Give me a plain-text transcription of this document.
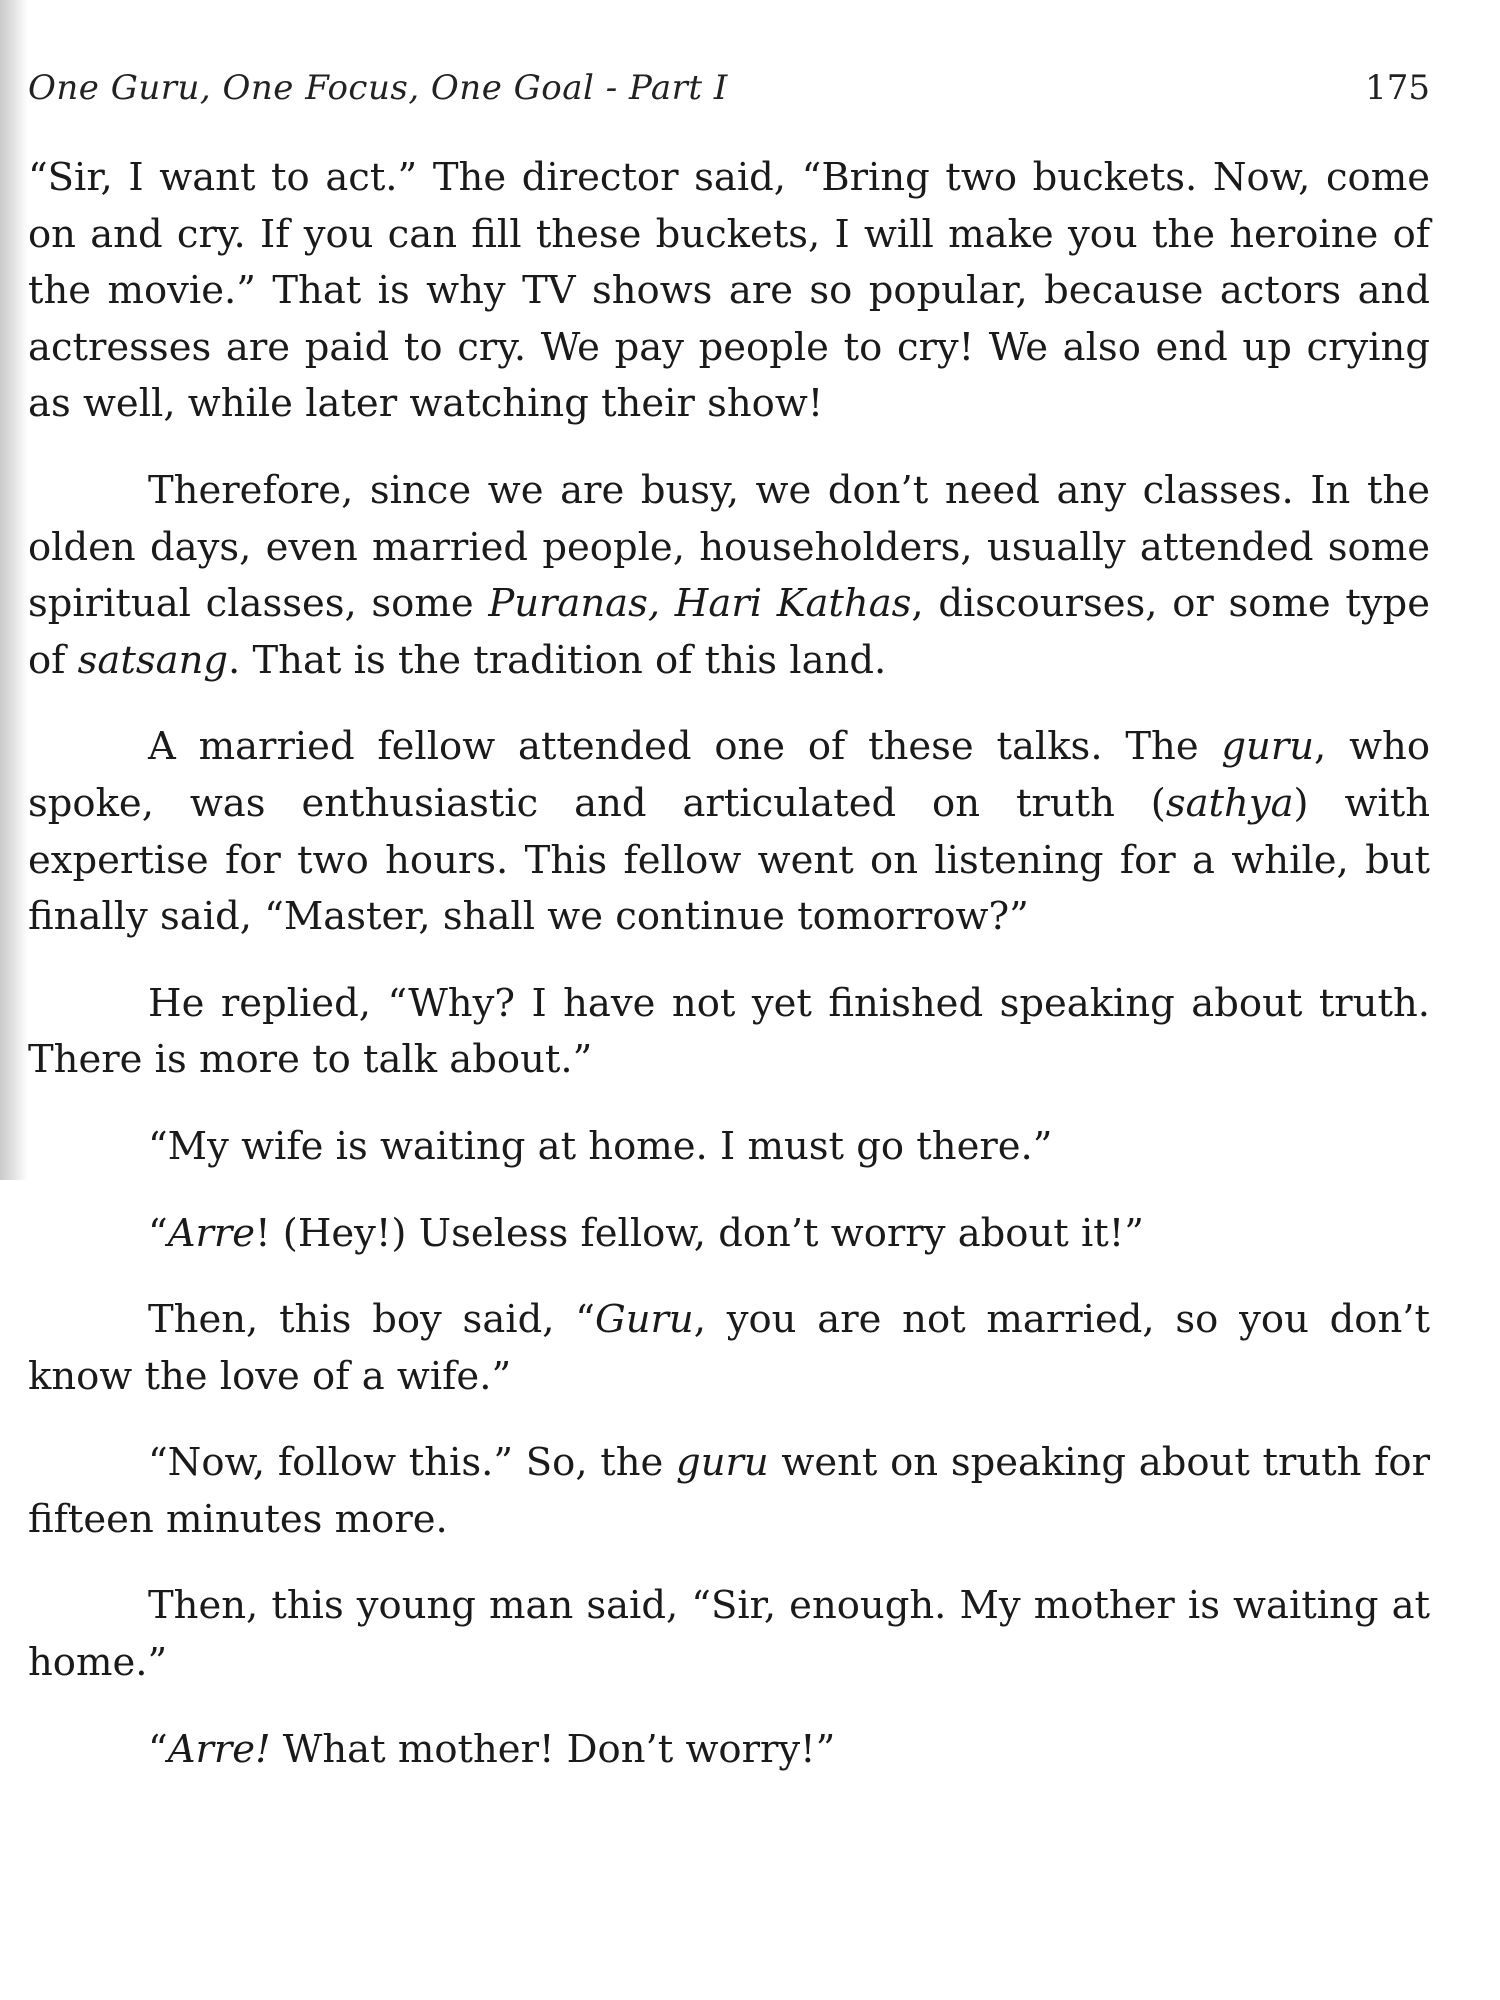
One Guru, One Focus, One Goal - Part I	175

“Sir, I want to act.” The director said, “Bring two buckets. Now, come on and cry. If you can fill these buckets, I will make you the heroine of the movie.” That is why TV shows are so popular, because actors and actresses are paid to cry. We pay people to cry! We also end up crying as well, while later watching their show!

Therefore, since we are busy, we don’t need any classes. In the olden days, even married people, householders, usually attended some spiritual classes, some Puranas, Hari Kathas, discourses, or some type of satsang. That is the tradition of this land.

A married fellow attended one of these talks. The guru, who spoke, was enthusiastic and articulated on truth (sathya) with expertise for two hours. This fellow went on listening for a while, but finally said, “Master, shall we continue tomorrow?”

He replied, “Why? I have not yet finished speaking about truth. There is more to talk about.”

“My wife is waiting at home. I must go there.”

“Arre! (Hey!) Useless fellow, don’t worry about it!”

Then, this boy said, “Guru, you are not married, so you don’t know the love of a wife.”

“Now, follow this.” So, the guru went on speaking about truth for fifteen minutes more.

Then, this young man said, “Sir, enough. My mother is waiting at home.”

“Arre! What mother! Don’t worry!”
